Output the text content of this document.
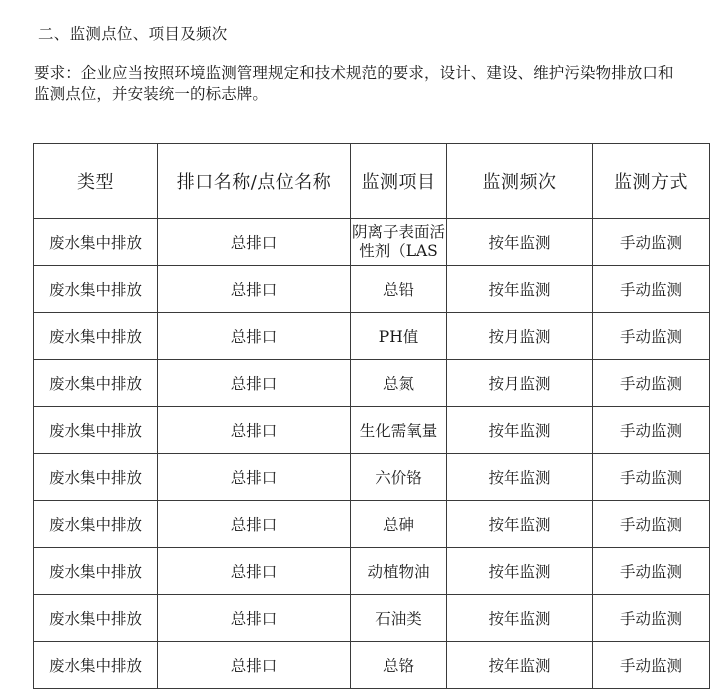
二、监测点位、项目及频次
要求：企业应当按照环境监测管理规定和技术规范的要求，设计、建设、维护污染物排放口和
监测点位，并安装统一的标志牌。
类型	排口名称/点位名称	监测项目	监测频次	监测方式
废水集中排放	总排口	阴离子表面活性剂（LAS	按年监测	手动监测
废水集中排放	总排口	总铅	按年监测	手动监测
废水集中排放	总排口	PH值	按月监测	手动监测
废水集中排放	总排口	总氮	按月监测	手动监测
废水集中排放	总排口	生化需氧量	按年监测	手动监测
废水集中排放	总排口	六价铬	按年监测	手动监测
废水集中排放	总排口	总砷	按年监测	手动监测
废水集中排放	总排口	动植物油	按年监测	手动监测
废水集中排放	总排口	石油类	按年监测	手动监测
废水集中排放	总排口	总铬	按年监测	手动监测
